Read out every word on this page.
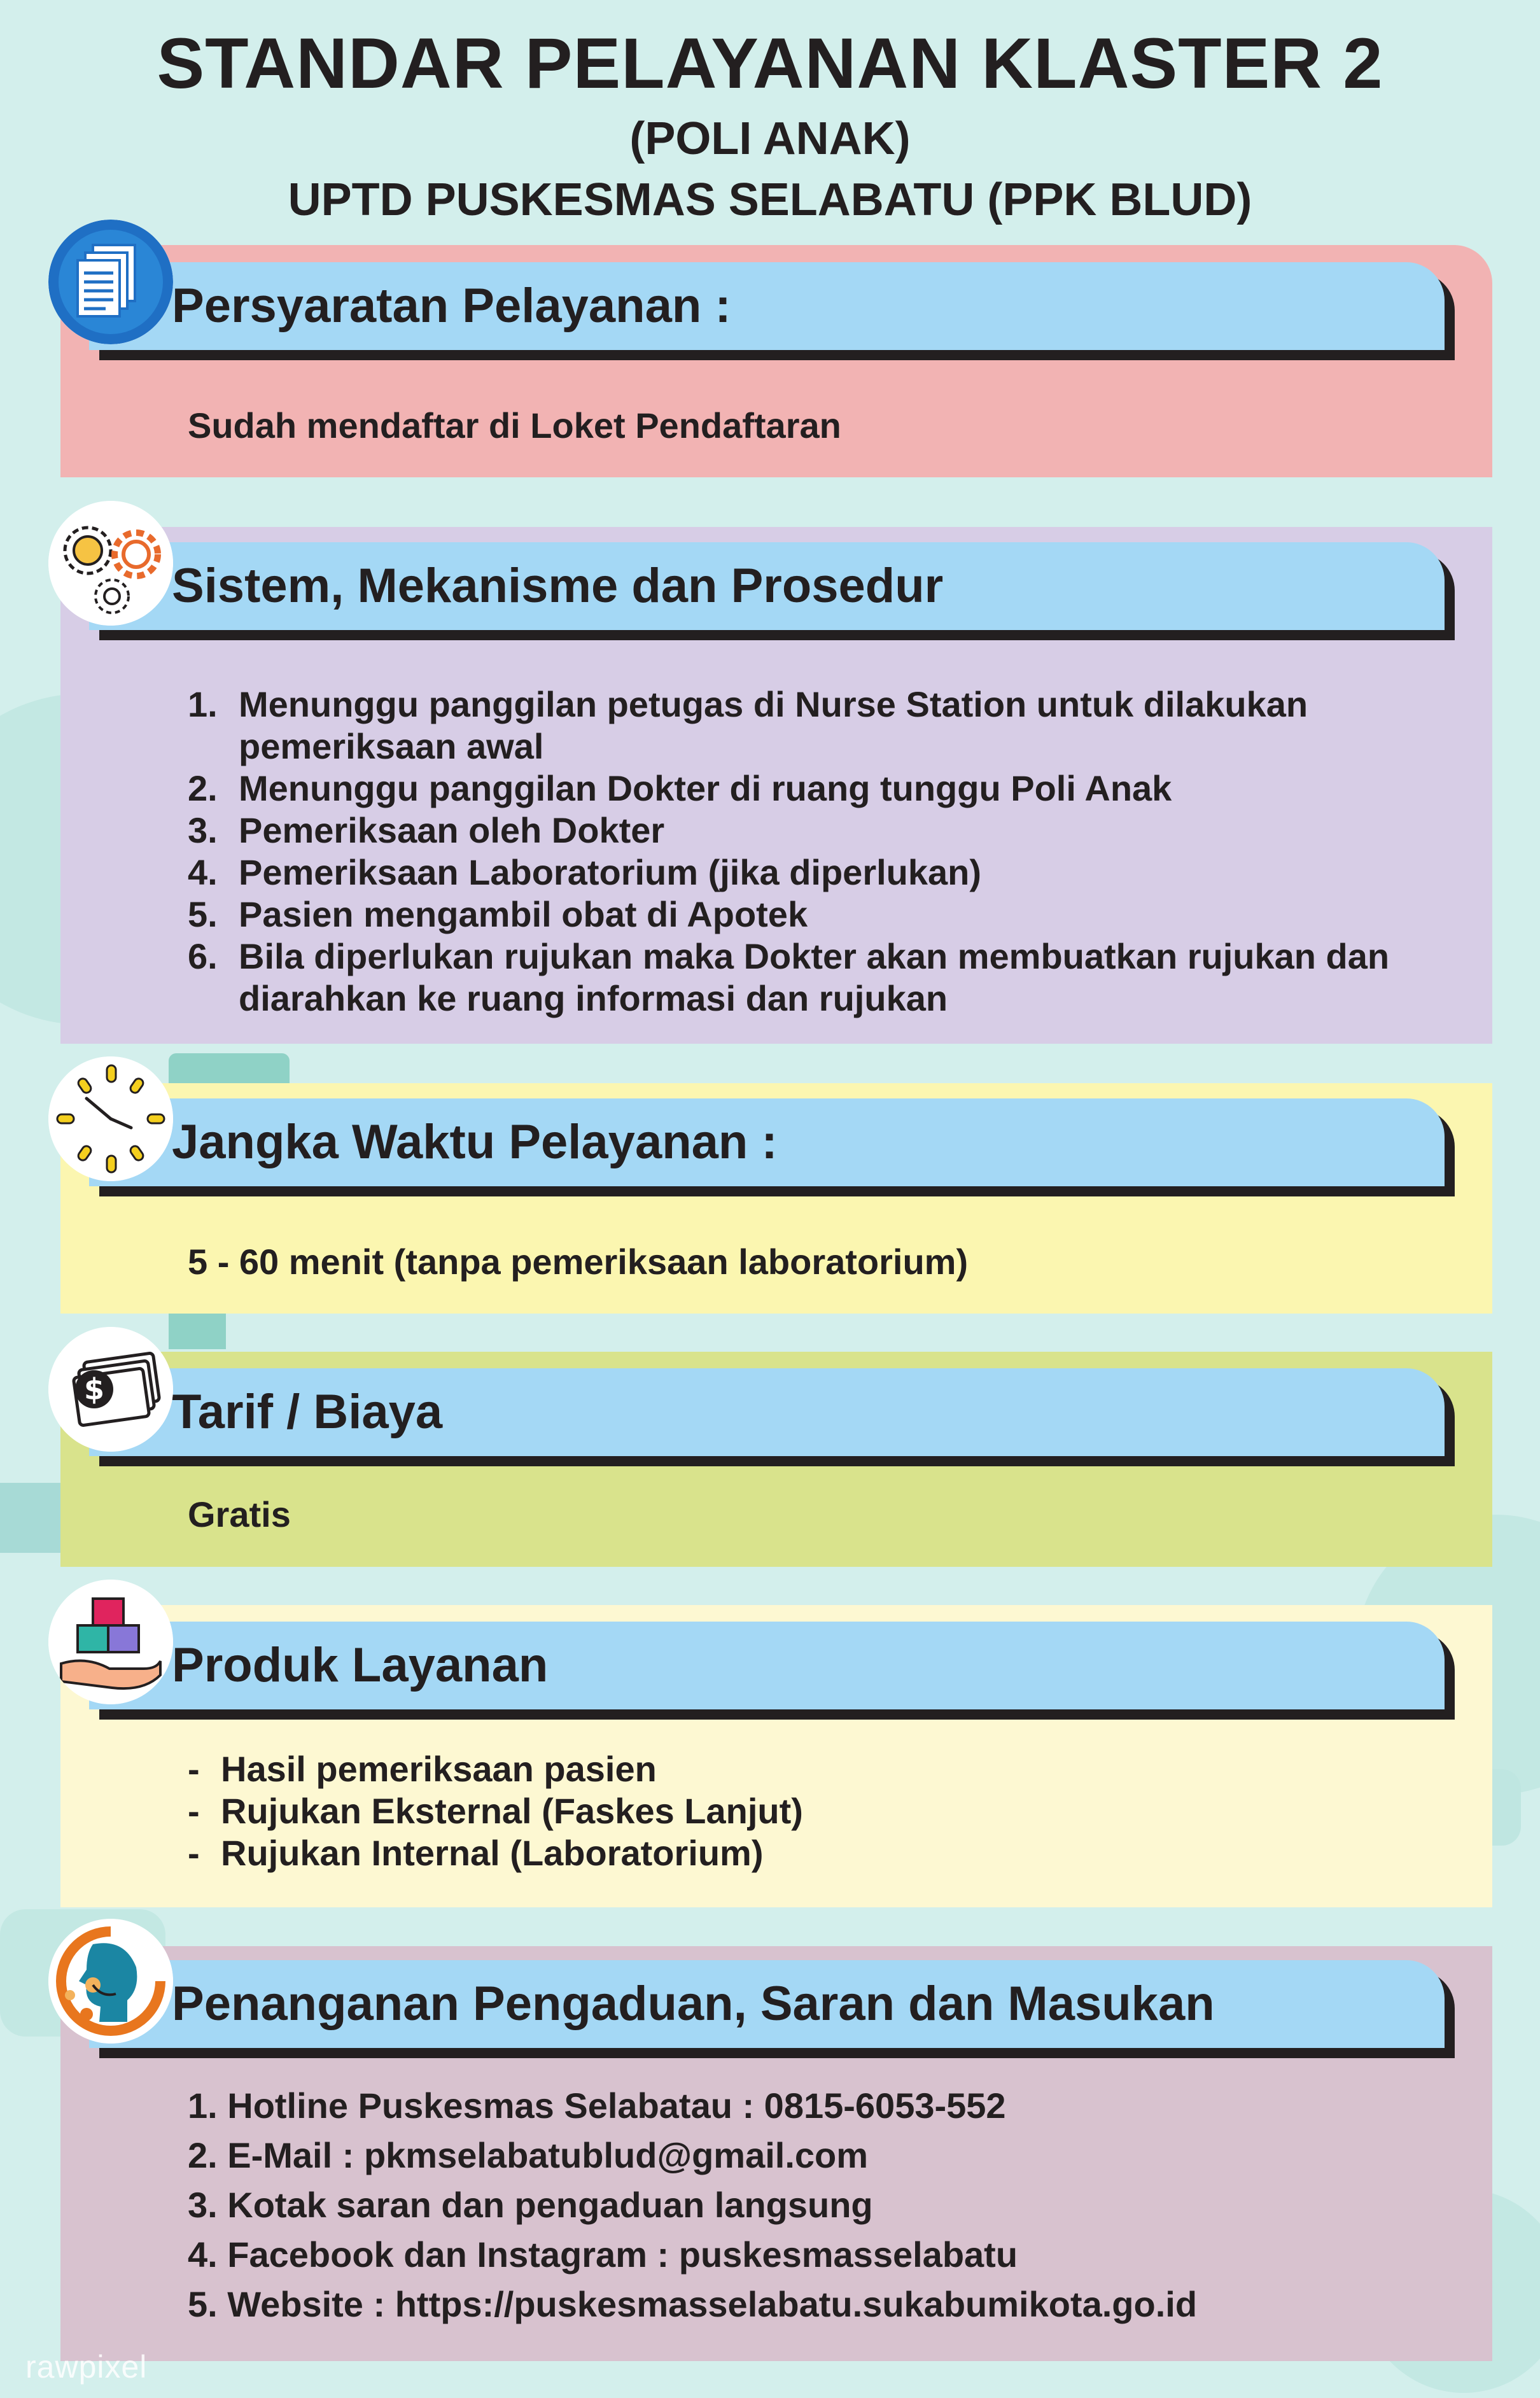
STANDAR PELAYANAN KLASTER 2
(POLI ANAK)
UPTD PUSKESMAS SELABATU (PPK BLUD)
Persyaratan Pelayanan :
Sudah mendaftar di Loket Pendaftaran
Sistem, Mekanisme dan Prosedur
1. Menunggu panggilan petugas di Nurse Station untuk dilakukan pemeriksaan awal
2. Menunggu panggilan Dokter di ruang tunggu Poli Anak
3. Pemeriksaan oleh Dokter
4. Pemeriksaan Laboratorium (jika diperlukan)
5. Pasien mengambil obat di Apotek
6. Bila diperlukan rujukan maka Dokter akan membuatkan rujukan dan diarahkan ke ruang informasi dan rujukan
Jangka Waktu Pelayanan :
5 - 60 menit (tanpa pemeriksaan laboratorium)
Tarif / Biaya
$
Gratis
Produk Layanan
- Hasil pemeriksaan pasien
- Rujukan Eksternal (Faskes Lanjut)
- Rujukan Internal (Laboratorium)
Penanganan Pengaduan, Saran dan Masukan
1. Hotline Puskesmas Selabatau : 0815-6053-552
2. E-Mail : pkmselabatublud@gmail.com
3. Kotak saran dan pengaduan langsung
4. Facebook dan Instagram : puskesmasselabatu
5. Website : https://puskesmasselabatu.sukabumikota.go.id
rawpixel
